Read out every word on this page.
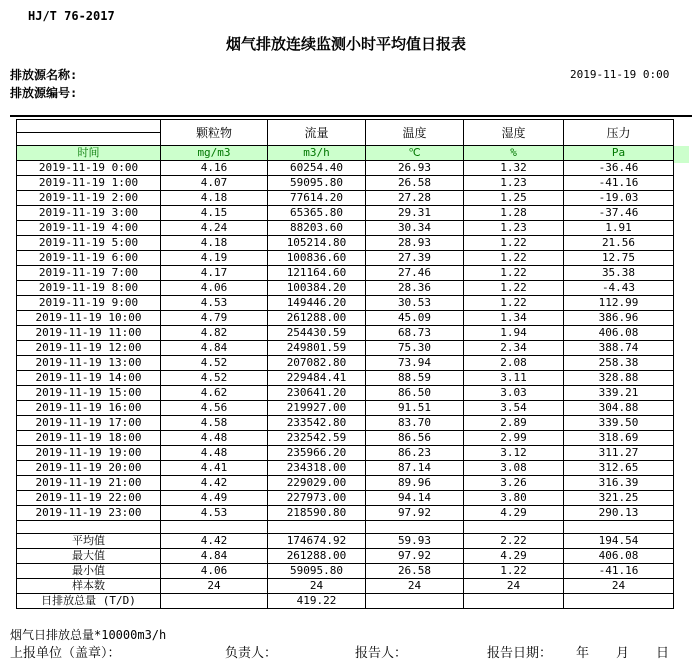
HJ/T 76-2017
烟气排放连续监测小时平均值日报表
排放源名称:
排放源编号:
2019-11-19 0:00
	颗粒物	流量	温度	湿度	压力

时间	mg/m3	m3/h	℃	%	Pa
2019-11-19 0:00	4.16	60254.40	26.93	1.32	-36.46
2019-11-19 1:00	4.07	59095.80	26.58	1.23	-41.16
2019-11-19 2:00	4.18	77614.20	27.28	1.25	-19.03
2019-11-19 3:00	4.15	65365.80	29.31	1.28	-37.46
2019-11-19 4:00	4.24	88203.60	30.34	1.23	1.91
2019-11-19 5:00	4.18	105214.80	28.93	1.22	21.56
2019-11-19 6:00	4.19	100836.60	27.39	1.22	12.75
2019-11-19 7:00	4.17	121164.60	27.46	1.22	35.38
2019-11-19 8:00	4.06	100384.20	28.36	1.22	-4.43
2019-11-19 9:00	4.53	149446.20	30.53	1.22	112.99
2019-11-19 10:00	4.79	261288.00	45.09	1.34	386.96
2019-11-19 11:00	4.82	254430.59	68.73	1.94	406.08
2019-11-19 12:00	4.84	249801.59	75.30	2.34	388.74
2019-11-19 13:00	4.52	207082.80	73.94	2.08	258.38
2019-11-19 14:00	4.52	229484.41	88.59	3.11	328.88
2019-11-19 15:00	4.62	230641.20	86.50	3.03	339.21
2019-11-19 16:00	4.56	219927.00	91.51	3.54	304.88
2019-11-19 17:00	4.58	233542.80	83.70	2.89	339.50
2019-11-19 18:00	4.48	232542.59	86.56	2.99	318.69
2019-11-19 19:00	4.48	235966.20	86.23	3.12	311.27
2019-11-19 20:00	4.41	234318.00	87.14	3.08	312.65
2019-11-19 21:00	4.42	229029.00	89.96	3.26	316.39
2019-11-19 22:00	4.49	227973.00	94.14	3.80	321.25
2019-11-19 23:00	4.53	218590.80	97.92	4.29	290.13

平均值	4.42	174674.92	59.93	2.22	194.54
最大值	4.84	261288.00	97.92	4.29	406.08
最小值	4.06	59095.80	26.58	1.22	-41.16
样本数	24	24	24	24	24
日排放总量 (T/D)		419.22			
烟气日排放总量*10000m3/h
上报单位（盖章）：	负责人：	报告人：	报告日期： 年 月 日
